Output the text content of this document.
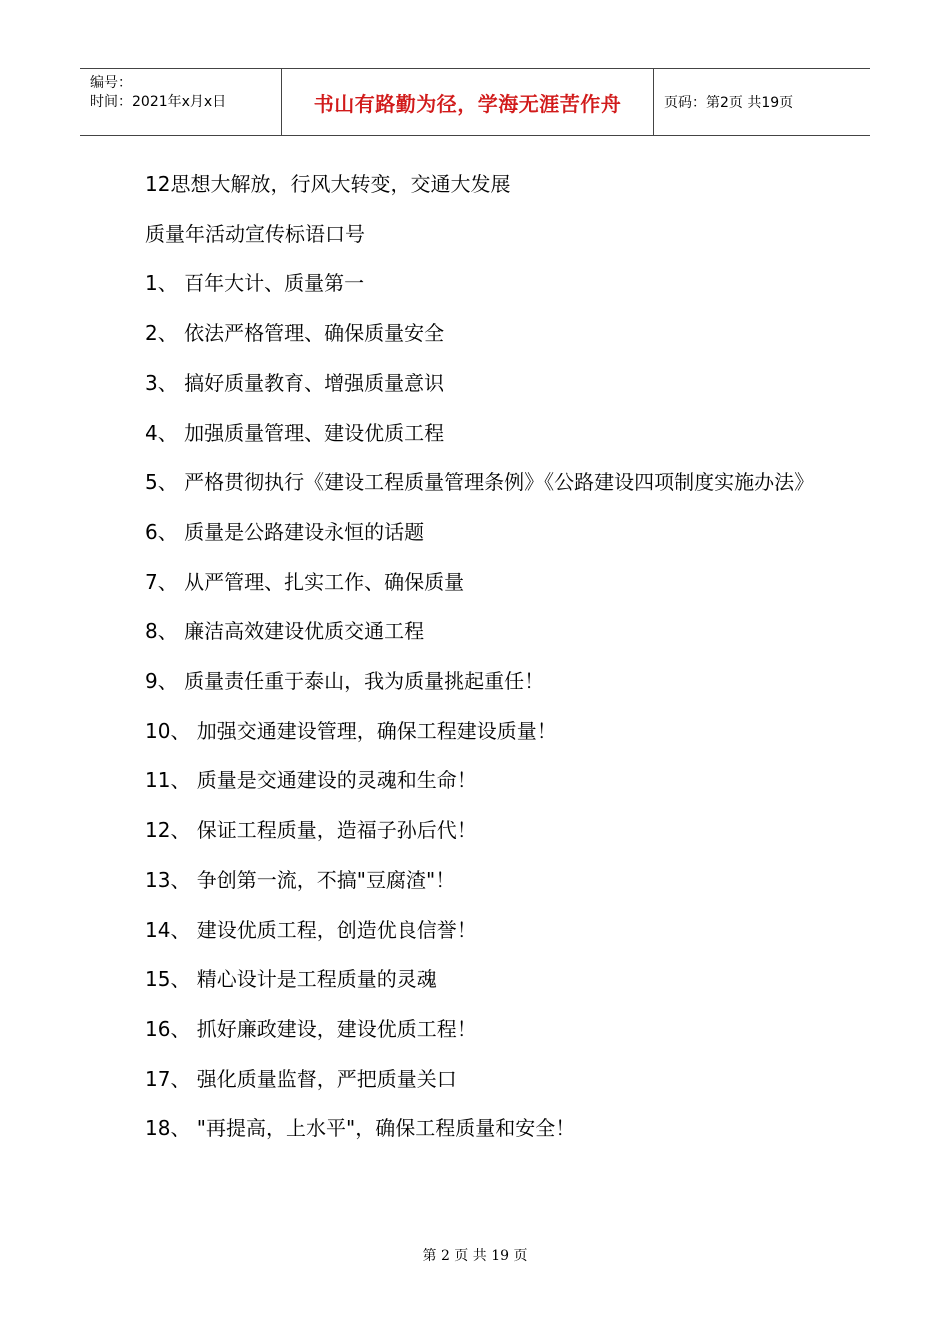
编号：
时间：2021年x月x日	书山有路勤为径，学海无涯苦作舟	页码：第2页 共19页
12思想大解放，行风大转变，交通大发展
质量年活动宣传标语口号
1、 百年大计、质量第一
2、 依法严格管理、确保质量安全
3、 搞好质量教育、增强质量意识
4、 加强质量管理、建设优质工程
5、 严格贯彻执行《建设工程质量管理条例》《公路建设四项制度实施办法》
6、 质量是公路建设永恒的话题
7、 从严管理、扎实工作、确保质量
8、 廉洁高效建设优质交通工程
9、 质量责任重于泰山，我为质量挑起重任！
10、 加强交通建设管理，确保工程建设质量！
11、 质量是交通建设的灵魂和生命！
12、 保证工程质量，造福子孙后代！
13、 争创第一流，不搞"豆腐渣"！
14、 建设优质工程，创造优良信誉！
15、 精心设计是工程质量的灵魂
16、 抓好廉政建设，建设优质工程！
17、 强化质量监督，严把质量关口
18、 "再提高，上水平"，确保工程质量和安全！
第 2 页 共 19 页
